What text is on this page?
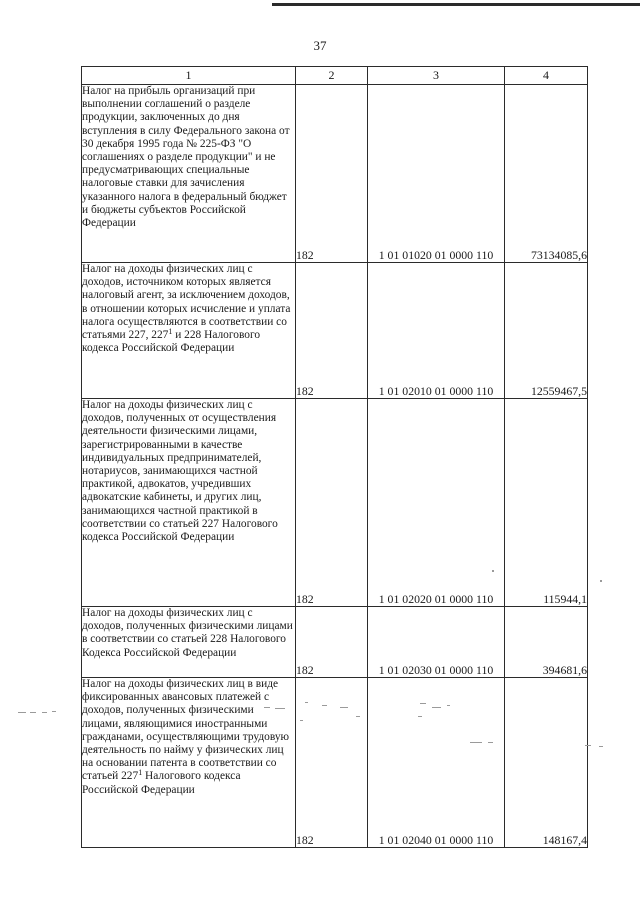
37
1	2	3	4
Налог на прибыль организаций при выполнении соглашений о разделе продукции, заключенных до дня вступления в силу Федерального закона от 30 декабря 1995 года № 225-ФЗ "О соглашениях о разделе продукции" и не предусматривающих специальные налоговые ставки для зачисления указанного налога в федеральный бюджет и бюджеты субъектов Российской Федерации	182	1 01 01020 01 0000 110	73134085,6
Налог на доходы физических лиц с доходов, источником которых является налоговый агент, за исключением доходов, в отношении которых исчисление и уплата налога осуществляются в соответствии со статьями 227, $227^1$ и 228 Налогового кодекса Российской Федерации	182	1 01 02010 01 0000 110	12559467,5
Налог на доходы физических лиц с доходов, полученных от осуществления деятельности физическими лицами, зарегистрированными в качестве индивидуальных предпринимателей, нотариусов, занимающихся частной практикой, адвокатов, учредивших адвокатские кабинеты, и других лиц, занимающихся частной практикой в соответствии со статьей 227 Налогового кодекса Российской Федерации	182	1 01 02020 01 0000 110	115944,1
Налог на доходы физических лиц с доходов, полученных физическими лицами в соответствии со статьей 228 Налогового Кодекса Российской Федерации	182	1 01 02030 01 0000 110	394681,6
Налог на доходы физических лиц в виде фиксированных авансовых платежей с доходов, полученных физическими лицами, являющимися иностранными гражданами, осуществляющими трудовую деятельность по найму у физических лиц на основании патента в соответствии со статьей $227^1$ Налогового кодекса Российской Федерации	182	1 01 02040 01 0000 110	148167,4
